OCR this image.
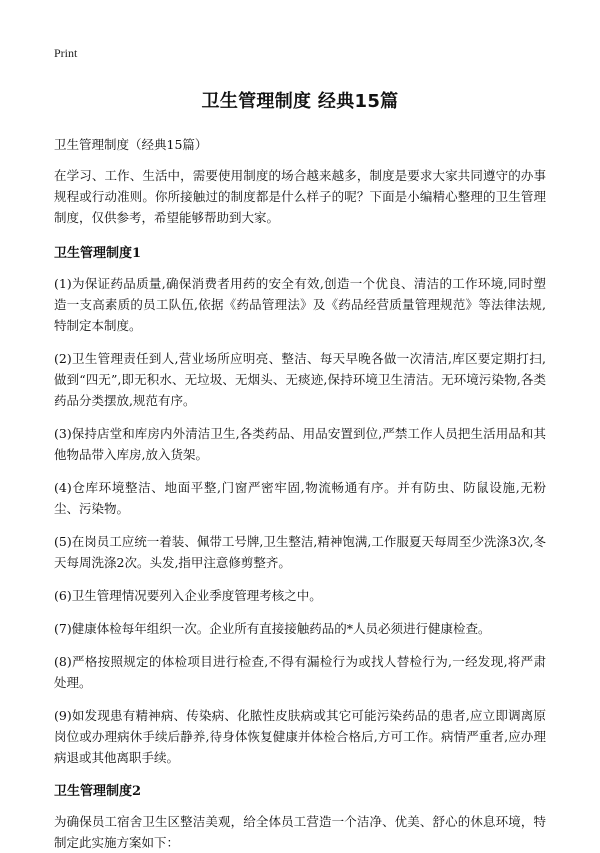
Print
卫生管理制度 经典15篇
卫生管理制度（经典15篇）
在学习、工作、生活中，需要使用制度的场合越来越多，制度是要求大家共同遵守的办事规程或行动准则。你所接触过的制度都是什么样子的呢？下面是小编精心整理的卫生管理制度，仅供参考，希望能够帮助到大家。
卫生管理制度1
(1)为保证药品质量,确保消费者用药的安全有效,创造一个优良、清洁的工作环境,同时塑造一支高素质的员工队伍,依据《药品管理法》及《药品经营质量管理规范》等法律法规,特制定本制度。
(2)卫生管理责任到人,营业场所应明亮、整洁、每天早晚各做一次清洁,库区要定期打扫,做到“四无”,即无积水、无垃圾、无烟头、无痰迹,保持环境卫生清洁。无环境污染物,各类药品分类摆放,规范有序。
(3)保持店堂和库房内外清洁卫生,各类药品、用品安置到位,严禁工作人员把生活用品和其他物品带入库房,放入货架。
(4)仓库环境整洁、地面平整,门窗严密牢固,物流畅通有序。并有防虫、防鼠设施,无粉尘、污染物。
(5)在岗员工应统一着装、佩带工号牌,卫生整洁,精神饱满,工作服夏天每周至少洗涤3次,冬天每周洗涤2次。头发,指甲注意修剪整齐。
(6)卫生管理情况要列入企业季度管理考核之中。
(7)健康体检每年组织一次。企业所有直接接触药品的*人员必须进行健康检查。
(8)严格按照规定的体检项目进行检查,不得有漏检行为或找人替检行为,一经发现,将严肃处理。
(9)如发现患有精神病、传染病、化脓性皮肤病或其它可能污染药品的患者,应立即调离原岗位或办理病休手续后静养,待身体恢复健康并体检合格后,方可工作。病情严重者,应办理病退或其他离职手续。
卫生管理制度2
为确保员工宿舍卫生区整洁美观，给全体员工营造一个洁净、优美、舒心的休息环境，特制定此实施方案如下：
